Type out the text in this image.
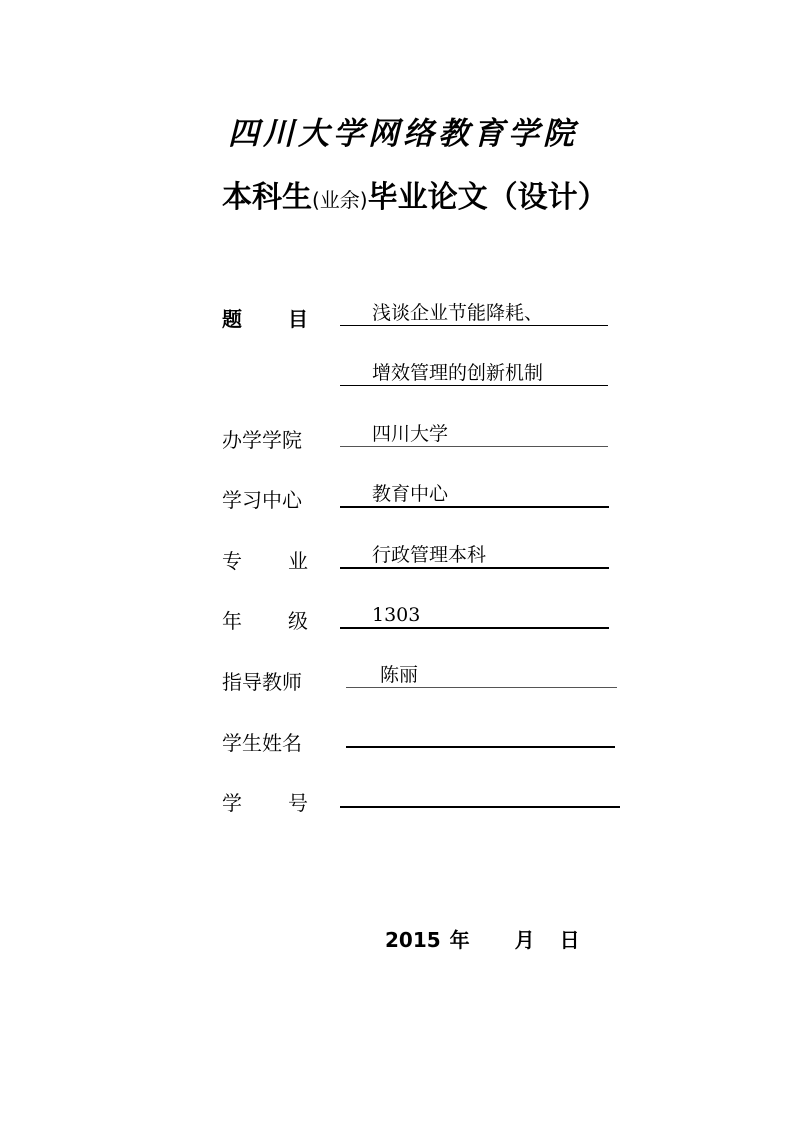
四川大学网络教育学院
本科生(业余)毕业论文（设计）
题 目	浅谈企业节能降耗、
增效管理的创新机制
办学学院	四川大学
学习中心	教育中心
专 业	行政管理本科
年 级	1303
指导教师	陈丽
学生姓名
学 号
2015 年 月 日
